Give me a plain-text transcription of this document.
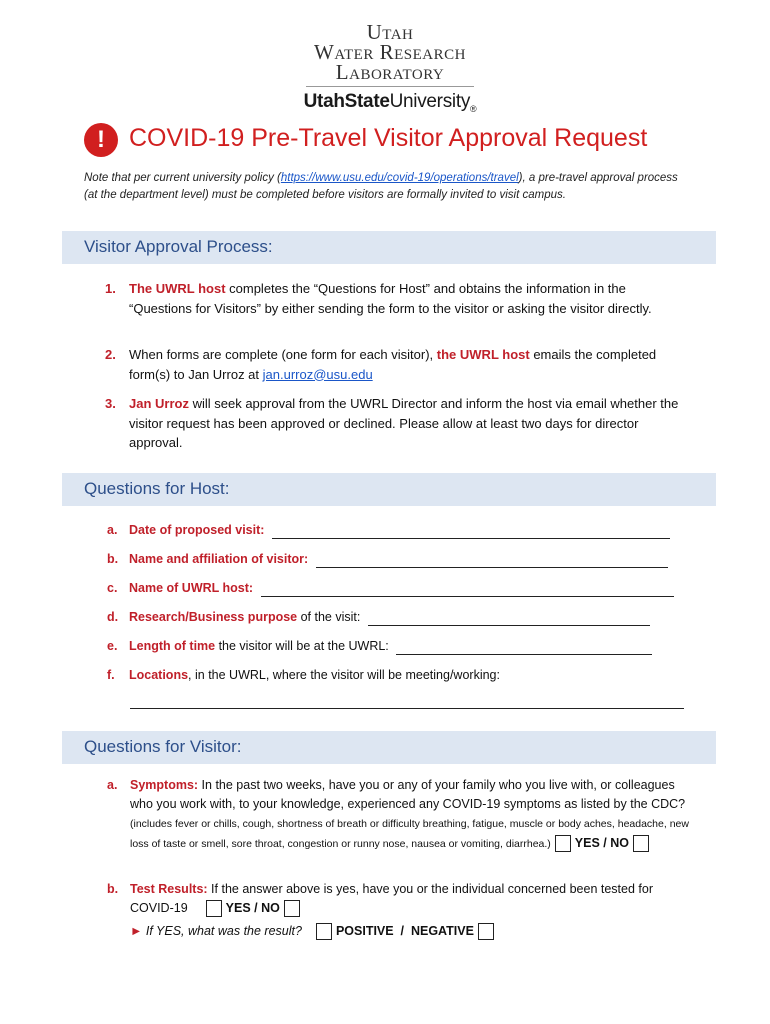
Utah
Water Research
Laboratory
UtahStateUniversity$_®$
! COVID-19 Pre-Travel Visitor Approval Request
Note that per current university policy (https://www.usu.edu/covid-19/operations/travel), a pre-travel approval process (at the department level) must be completed before visitors are formally invited to visit campus.
Visitor Approval Process:
1. The UWRL host completes the “Questions for Host” and obtains the information in the “Questions for Visitors” by either sending the form to the visitor or asking the visitor directly.
2. When forms are complete (one form for each visitor), the UWRL host emails the completed form(s) to Jan Urroz at jan.urroz@usu.edu
3. Jan Urroz will seek approval from the UWRL Director and inform the host via email whether the visitor request has been approved or declined. Please allow at least two days for director approval.
Questions for Host:
a. Date of proposed visit:
b. Name and affiliation of visitor:
c. Name of UWRL host:
d. Research/Business purpose of the visit:
e. Length of time the visitor will be at the UWRL:
f. Locations, in the UWRL, where the visitor will be meeting/working:
Questions for Visitor:
a. Symptoms: In the past two weeks, have you or any of your family who you live with, or colleagues who you work with, to your knowledge, experienced any COVID-19 symptoms as listed by the CDC? (includes fever or chills, cough, shortness of breath or difficulty breathing, fatigue, muscle or body aches, headache, new loss of taste or smell, sore throat, congestion or runny nose, nausea or vomiting, diarrhea.) YES / NO
b. Test Results: If the answer above is yes, have you or the individual concerned been tested for COVID-19	YES / NO
► If YES, what was the result?	POSITIVE  /  NEGATIVE
